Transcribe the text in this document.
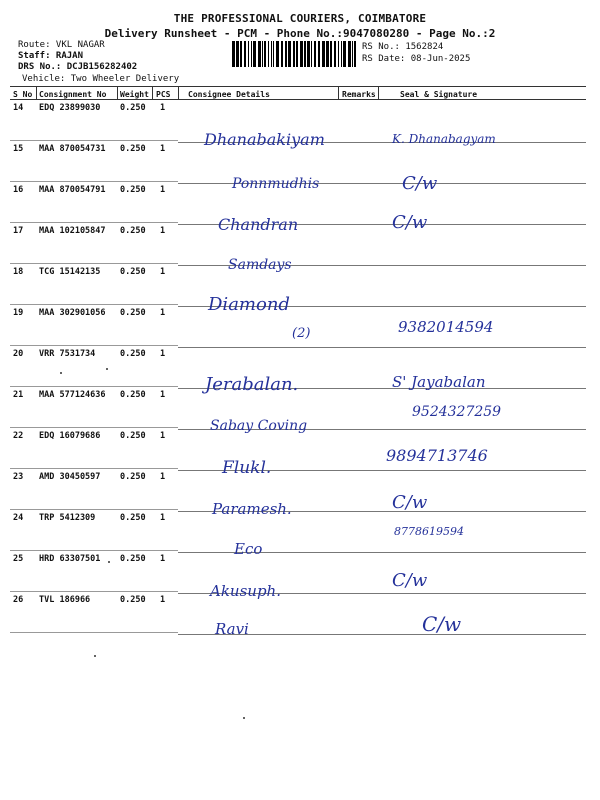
THE PROFESSIONAL COURIERS, COIMBATORE
Delivery Runsheet - PCM - Phone No.:9047080280 - Page No.:2
Route: VKL NAGAR
Staff: RAJAN
DRS No.: DCJB156282402
Vehicle: Two Wheeler Delivery
RS No.: 1562824
RS Date: 08-Jun-2025
S No Consignment No Weight PCS Consignee Details	Remarks	Seal & Signature
14 EDQ 23899030 0.250 1
Dhanabakiyam	K. Dhanabagyam
15 MAA 870054731 0.250 1
Ponnmudhis	C/w
16 MAA 870054791 0.250 1
Chandran	C/w
17 MAA 102105847 0.250 1
Samdays
18 TCG 15142135 0.250 1
Diamond
19 MAA 302901056 0.250 1
(2)	9382014594
20 VRR 7531734	0.250 1
Jerabalan.	S' Jayabalan
21 MAA 577124636 0.250 1
Sabay Coving
9524327259
22 EDQ 16079686 0.250 1
Flukl.
9894713746
23 AMD 30450597 0.250 1
Paramesh.	C/w
24 TRP 5412309	0.250 1
Eco
8778619594
25 HRD 63307501 0.250 1
Akusuph.	C/w
26 TVL 186966	0.250 1
Ravi	C/w
